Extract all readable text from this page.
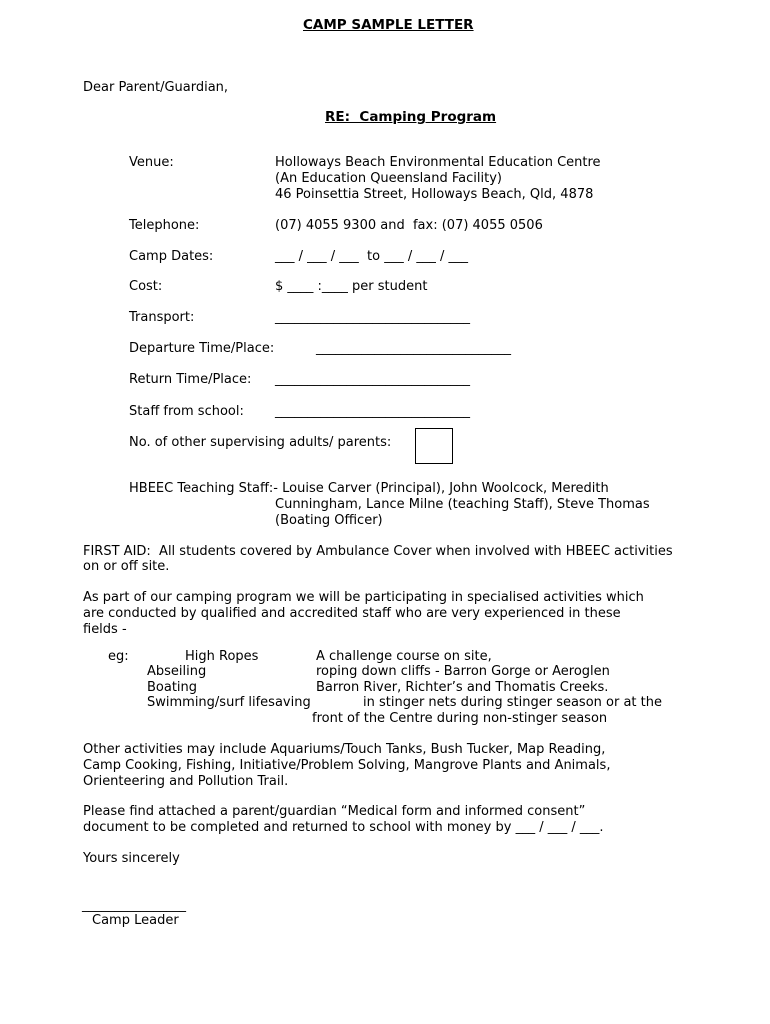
CAMP SAMPLE LETTER
Dear Parent/Guardian,
RE:  Camping Program
Venue:	Holloways Beach Environmental Education Centre
(An Education Queensland Facility)
46 Poinsettia Street, Holloways Beach, Qld, 4878
Telephone:	(07) 4055 9300 and  fax: (07) 4055 0506
Camp Dates:	___ / ___ / ___  to ___ / ___ / ___
Cost:	$ ____ :____ per student
Transport:	______________________________
Departure Time/Place:	______________________________
Return Time/Place: ______________________________
Staff from school: ______________________________
No. of other supervising adults/ parents:
HBEEC Teaching Staff:- Louise Carver (Principal), John Woolcock, Meredith
Cunningham, Lance Milne (teaching Staff), Steve Thomas
(Boating Officer)
FIRST AID:  All students covered by Ambulance Cover when involved with HBEEC activities
on or off site.
As part of our camping program we will be participating in specialised activities which
are conducted by qualified and accredited staff who are very experienced in these
fields -
eg:	High Ropes	A challenge course on site,
Abseiling	roping down cliffs - Barron Gorge or Aeroglen
Boating	Barron River, Richter’s and Thomatis Creeks.
Swimming/surf lifesaving	in stinger nets during stinger season or at the
front of the Centre during non-stinger season
Other activities may include Aquariums/Touch Tanks, Bush Tucker, Map Reading,
Camp Cooking, Fishing, Initiative/Problem Solving, Mangrove Plants and Animals,
Orienteering and Pollution Trail.
Please find attached a parent/guardian “Medical form and informed consent”
document to be completed and returned to school with money by ___ / ___ / ___.
Yours sincerely
________________
Camp Leader
